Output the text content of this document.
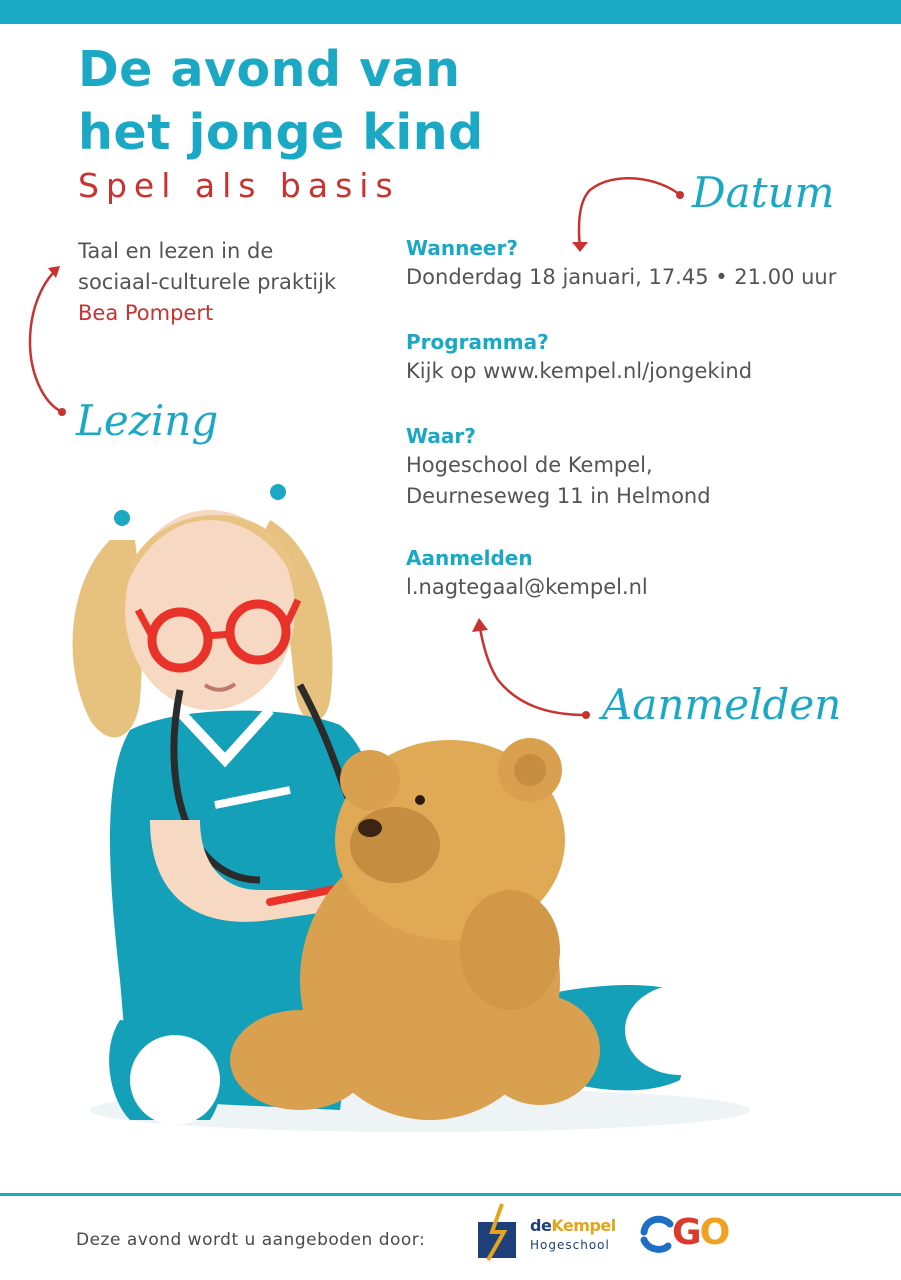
De avond van
het jonge kind
Spel als basis
Taal en lezen in de
sociaal-culturele praktijk
Bea Pompert
Datum
Lezing
Aanmelden
Wanneer?
Donderdag 18 januari, 17.45 • 21.00 uur
Programma?
Kijk op www.kempel.nl/jongekind
Waar?
Hogeschool de Kempel,
Deurneseweg 11 in Helmond
Aanmelden
l.nagtegaal@kempel.nl
Deze avond wordt u aangeboden door:
deKempel
Hogeschool GO
